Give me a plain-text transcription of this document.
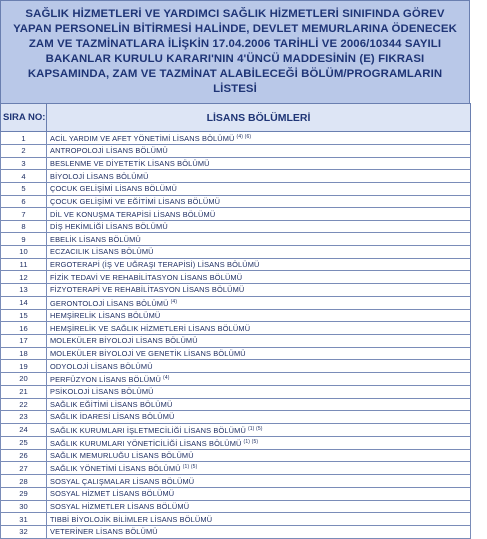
SAĞLIK HİZMETLERİ VE YARDIMCI SAĞLIK HİZMETLERİ SINIFINDA GÖREV YAPAN PERSONELİN BİTİRMESİ HALİNDE, DEVLET MEMURLARINA ÖDENECEK ZAM VE TAZMİNATLARA İLİŞKİN 17.04.2006 TARİHLİ VE 2006/10344 SAYILI BAKANLAR KURULU KARARI'NIN 4'ÜNCÜ MADDESİNİN (E) FIKRASI KAPSAMINDA, ZAM VE TAZMİNAT ALABİLECEĞİ BÖLÜM/PROGRAMLARIN LİSTESİ

SIRA NO:	LİSANS BÖLÜMLERİ
1	ACİL YARDIM VE AFET YÖNETİMİ LİSANS BÖLÜMÜ $^{(4) (6)}$
2	ANTROPOLOJİ LİSANS BÖLÜMÜ
3	BESLENME VE DİYETETİK LİSANS BÖLÜMÜ
4	BİYOLOJİ LİSANS BÖLÜMÜ
5	ÇOCUK GELİŞİMİ LİSANS BÖLÜMÜ
6	ÇOCUK GELİŞİMİ VE EĞİTİMİ LİSANS BÖLÜMÜ
7	DİL VE KONUŞMA TERAPİSİ LİSANS BÖLÜMÜ
8	DİŞ HEKİMLİĞİ LİSANS BÖLÜMÜ
9	EBELİK LİSANS BÖLÜMÜ
10	ECZACILIK LİSANS BÖLÜMÜ
11	ERGOTERAPİ (İŞ VE UĞRAŞI TERAPİSİ) LİSANS BÖLÜMÜ
12	FİZİK TEDAVİ VE REHABİLİTASYON LİSANS BÖLÜMÜ
13	FİZYOTERAPİ VE REHABİLİTASYON LİSANS BÖLÜMÜ
14	GERONTOLOJİ LİSANS BÖLÜMÜ $^{(4)}$
15	HEMŞİRELİK LİSANS BÖLÜMÜ
16	HEMŞİRELİK VE SAĞLIK HİZMETLERİ LİSANS BÖLÜMÜ
17	MOLEKÜLER BİYOLOJİ LİSANS BÖLÜMÜ
18	MOLEKÜLER BİYOLOJİ VE GENETİK LİSANS BÖLÜMÜ
19	ODYOLOJİ LİSANS BÖLÜMÜ
20	PERFÜZYON LİSANS BÖLÜMÜ $^{(4)}$
21	PSİKOLOJİ LİSANS BÖLÜMÜ
22	SAĞLIK EĞİTİMİ LİSANS BÖLÜMÜ
23	SAĞLIK İDARESİ LİSANS BÖLÜMÜ
24	SAĞLIK KURUMLARI İŞLETMECİLİĞİ LİSANS BÖLÜMÜ $^{(1) (5)}$
25	SAĞLIK KURUMLARI YÖNETİCİLİĞİ LİSANS BÖLÜMÜ $^{(1) (5)}$
26	SAĞLIK MEMURLUĞU LİSANS BÖLÜMÜ
27	SAĞLIK YÖNETİMİ LİSANS BÖLÜMÜ $^{(1) (5)}$
28	SOSYAL ÇALIŞMALAR LİSANS BÖLÜMÜ
29	SOSYAL HİZMET LİSANS BÖLÜMÜ
30	SOSYAL HİZMETLER LİSANS BÖLÜMÜ
31	TIBBİ BİYOLOJİK BİLİMLER LİSANS BÖLÜMÜ
32	VETERİNER LİSANS BÖLÜMÜ
